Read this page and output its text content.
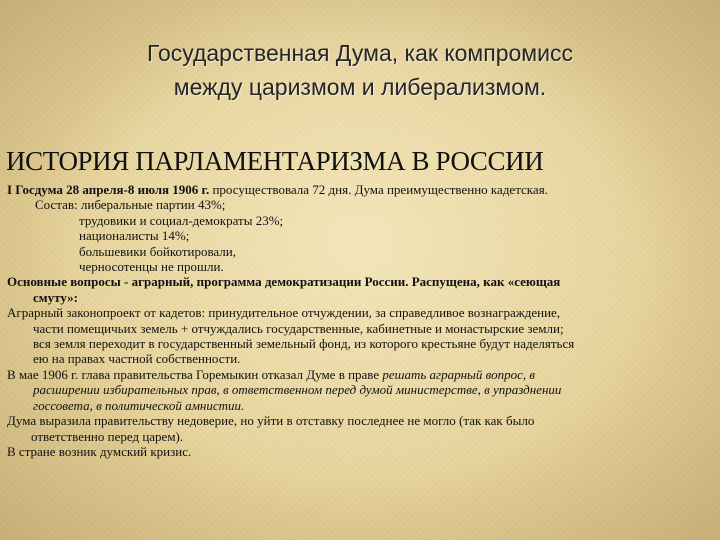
Государственная Дума, как компромисс
между царизмом и либерализмом.
ИСТОРИЯ ПАРЛАМЕНТАРИЗМА В РОССИИ

I Госдума 28 апреля-8 июля 1906 г. просуществовала 72 дня. Дума преимущественно кадетская.

Состав: либеральные партии 43%;

трудовики и социал-демократы 23%;

националисты 14%;

большевики бойкотировали,

черносотенцы не прошли.

Основные вопросы - аграрный, программа демократизации России. Распущена, как «сеющая

смуту»:

Аграрный законопроект от кадетов: принудительное отчуждении, за справедливое вознаграждение,

части помещичьих земель + отчуждались государственные, кабинетные и монастырские земли;

вся земля переходит в государственный земельный фонд, из которого крестьяне будут наделяться

ею на правах частной собственности.

В мае 1906 г. глава правительства Горемыкин отказал Думе в праве решать аграрный вопрос, в

расширении избирательных прав, в ответственном перед думой министерстве, в упразднении

госсовета, в политической амнистии.

Дума выразила правительству недоверие, но уйти в отставку последнее не могло (так как было

ответственно перед царем).

В стране возник думский кризис.
